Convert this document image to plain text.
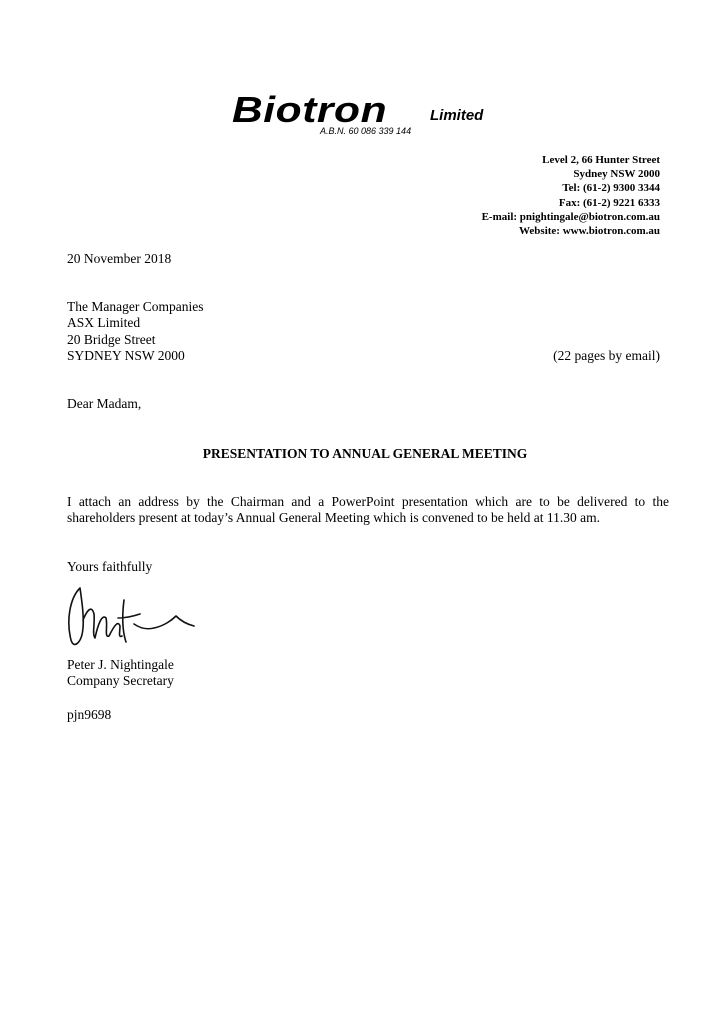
Biotron	Limited
A.B.N. 60 086 339 144
Level 2, 66 Hunter Street
Sydney NSW 2000
Tel: (61-2) 9300 3344
Fax: (61-2) 9221 6333
E-mail: pnightingale@biotron.com.au
Website: www.biotron.com.au
20 November 2018
The Manager Companies
ASX Limited
20 Bridge Street
SYDNEY NSW 2000	(22 pages by email)
Dear Madam,
PRESENTATION TO ANNUAL GENERAL MEETING
I attach an address by the Chairman and a PowerPoint presentation which are to be delivered to the shareholders present at today’s Annual General Meeting which is convened to be held at 11.30 am.
Yours faithfully
Peter J. Nightingale
Company Secretary
pjn9698
